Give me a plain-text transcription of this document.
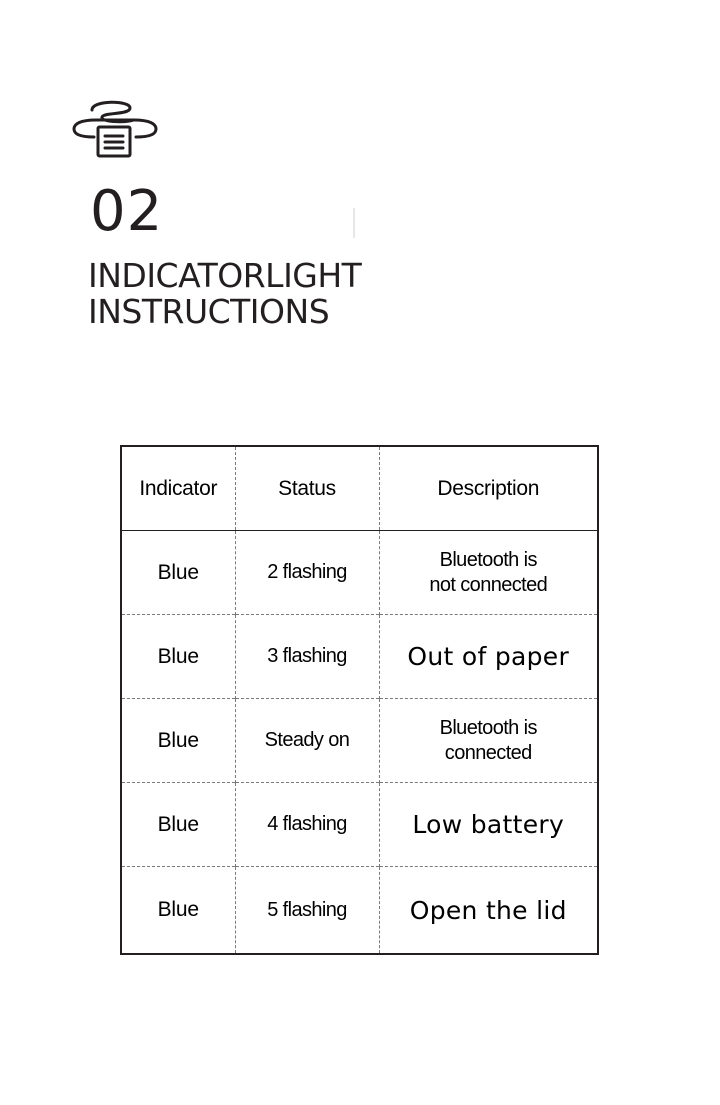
02
INDICATORLIGHT
INSTRUCTIONS
Indicator	Status	Description
Blue	2 flashing	Bluetooth is
not connected

Blue	3 flashing	Out of paper
Blue	Steady on	Bluetooth is
connected

Blue	4 flashing	Low battery
Blue	5 flashing	Open the lid
